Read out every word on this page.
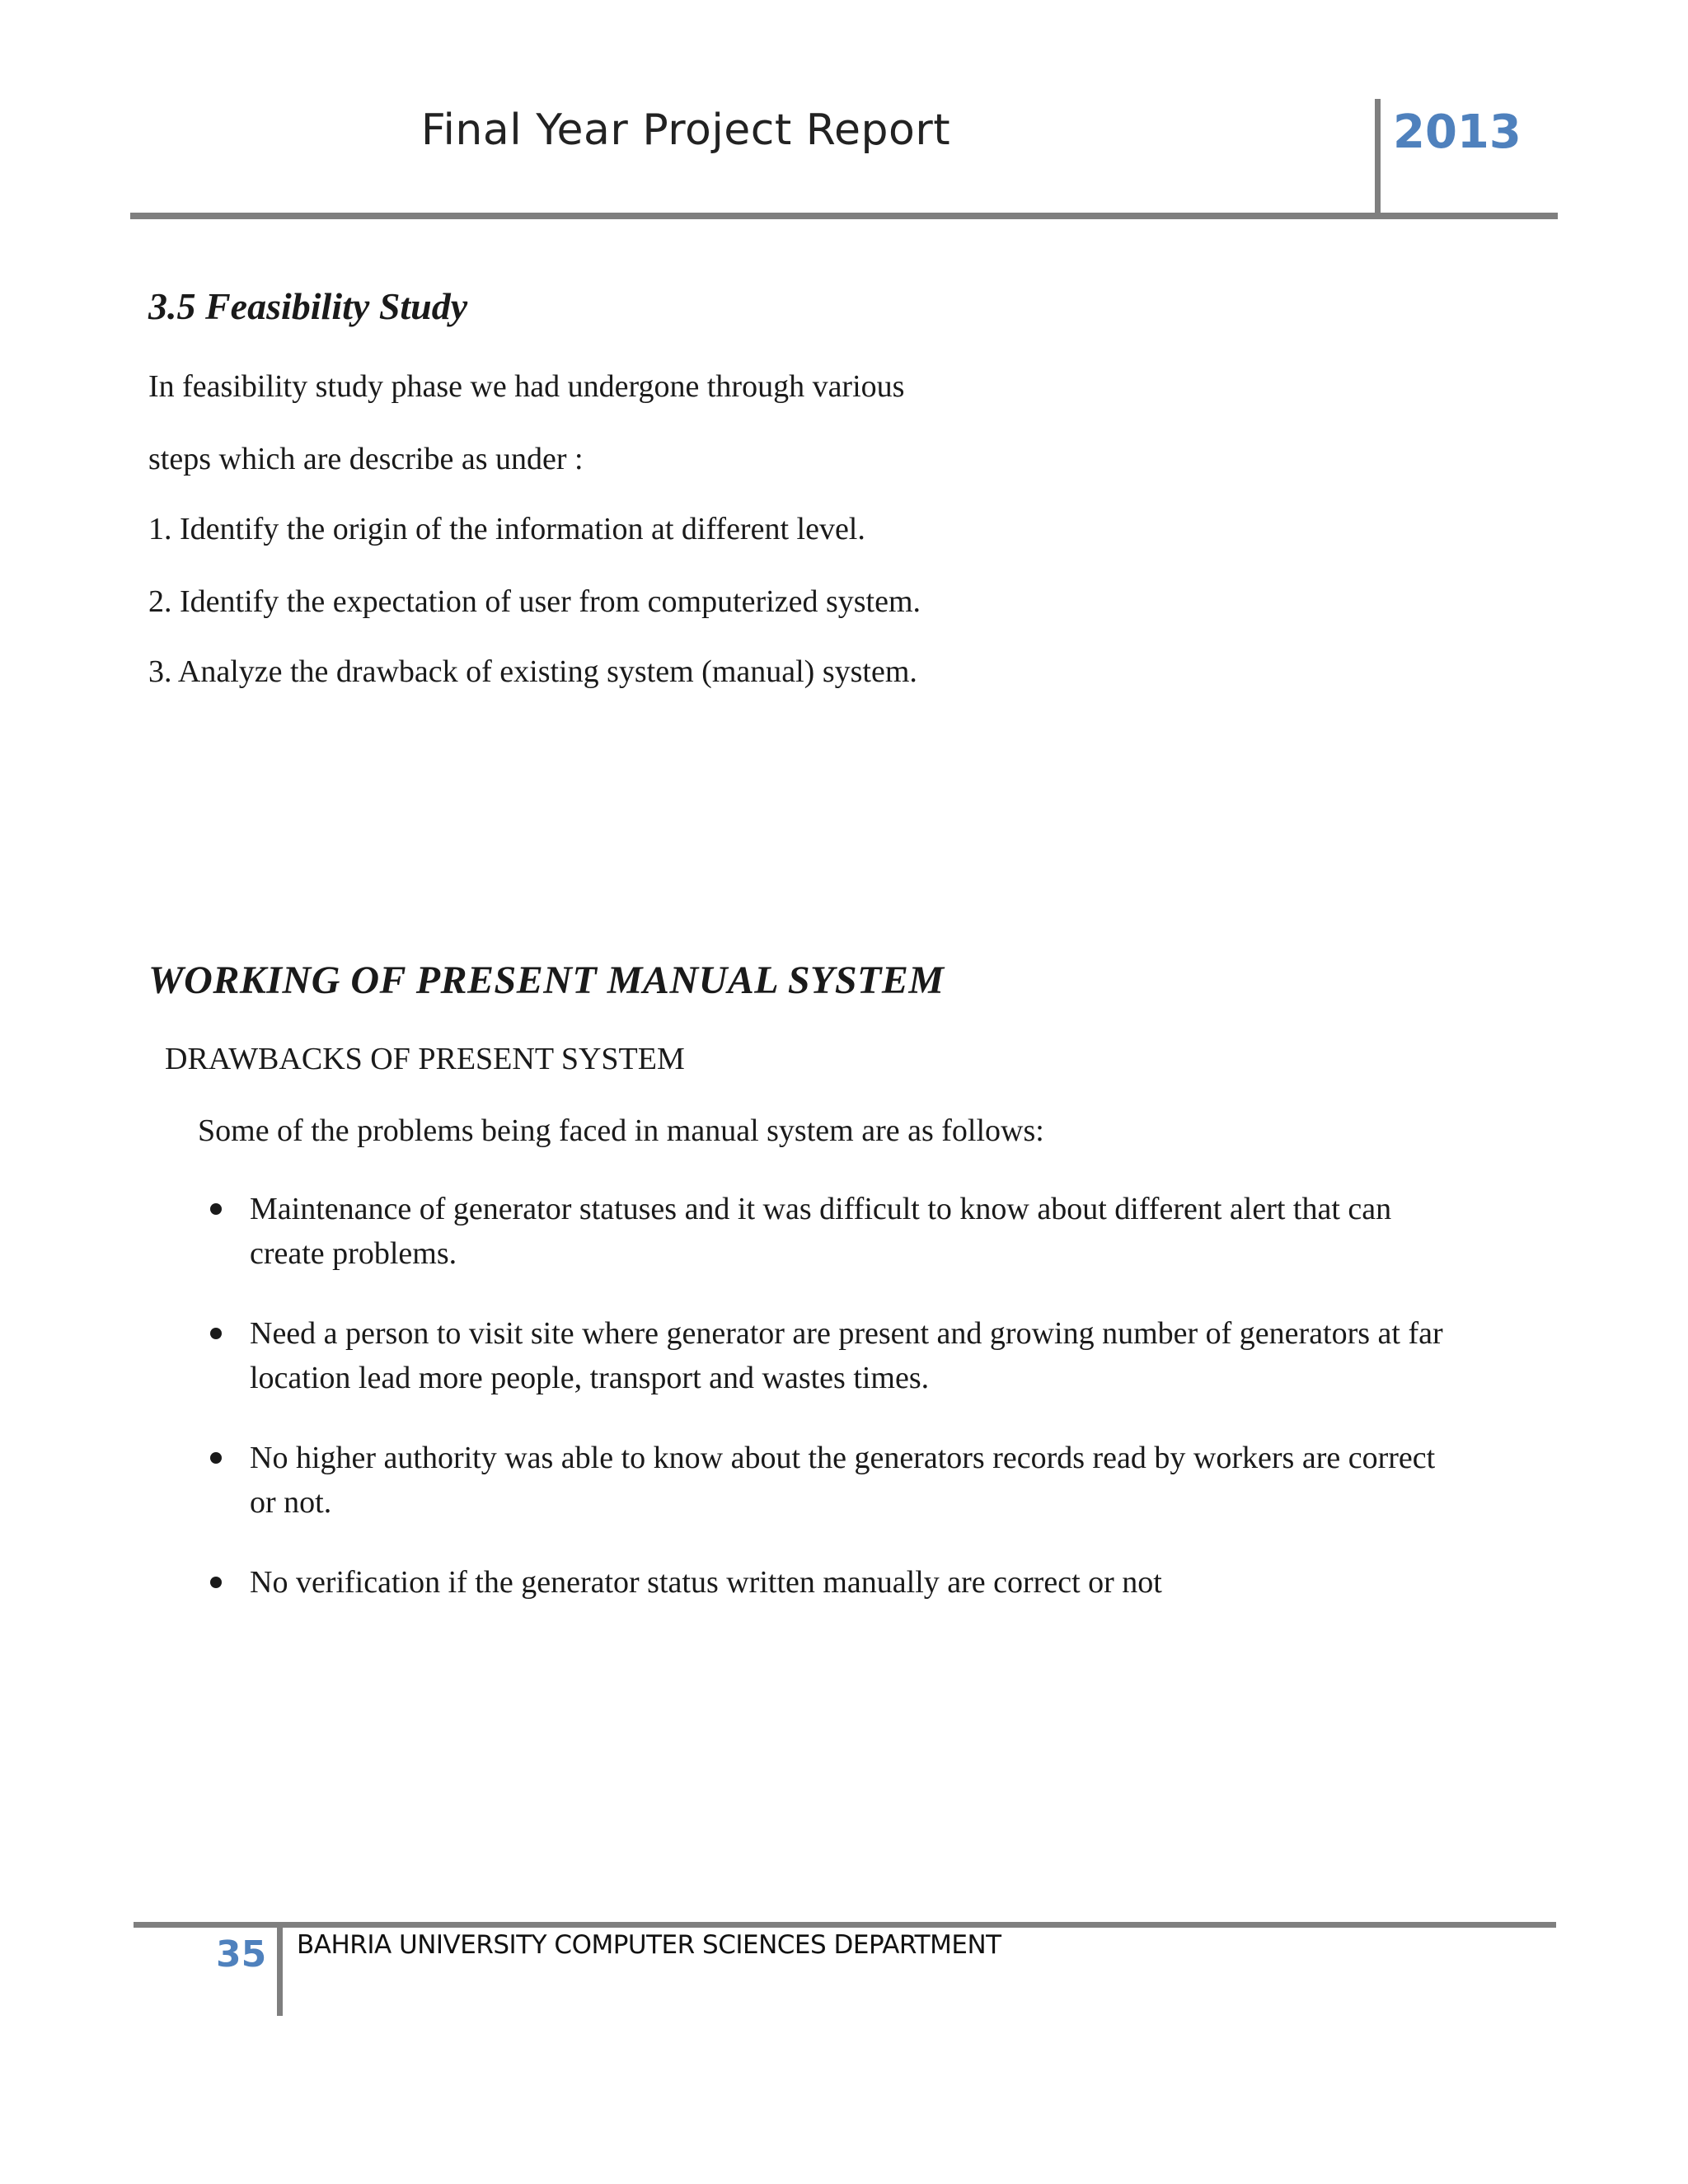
Final Year Project Report	2013
3.5 Feasibility Study
In feasibility study phase we had undergone through various
steps which are describe as under :
1. Identify the origin of the information at different level.
2. Identify the expectation of user from computerized system.
3. Analyze the drawback of existing system (manual) system.
WORKING OF PRESENT MANUAL SYSTEM
DRAWBACKS OF PRESENT SYSTEM
Some of the problems being faced in manual system are as follows:
Maintenance of generator statuses and it was difficult to know about different alert that can create problems.
Need a person to visit site where generator are present and growing number of generators at far location lead more people, transport and wastes times.
No higher authority was able to know about the generators records read by workers are correct or not.
No verification if the generator status written manually are correct or not
35 BAHRIA UNIVERSITY COMPUTER SCIENCES DEPARTMENT
